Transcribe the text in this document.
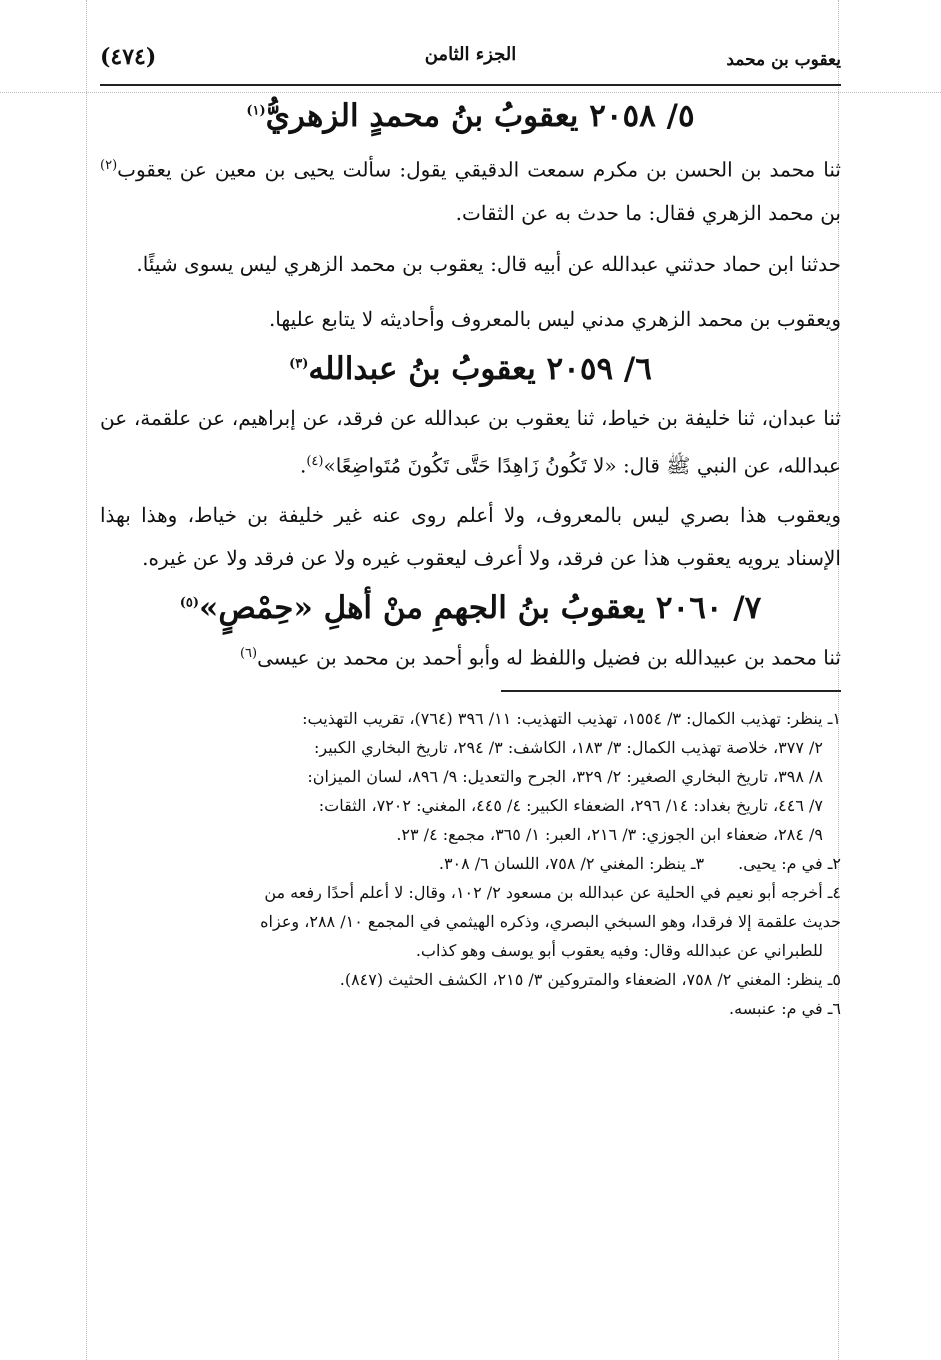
يعقوب بن محمد
الجزء الثامن
(٤٧٤)
٥/ ٢٠٥٨ يعقوبُ بنُ محمدٍ الزهريُّ$^{(١)}$

ثنا محمد بن الحسن بن مكرم سمعت الدقيقي يقول: سألت يحيى بن معين عن يعقوب$^{(٢)}$ بن محمد الزهري فقال: ما حدث به عن الثقات.

حدثنا ابن حماد حدثني عبدالله عن أبيه قال: يعقوب بن محمد الزهري ليس يسوى شيئًا.

ويعقوب بن محمد الزهري مدني ليس بالمعروف وأحاديثه لا يتابع عليها.

٦/ ٢٠٥٩ يعقوبُ بنُ عبدالله$^{(٣)}$

ثنا عبدان، ثنا خليفة بن خياط، ثنا يعقوب بن عبدالله عن فرقد، عن إبراهيم، عن علقمة، عن عبدالله، عن النبي ﷺ قال: «لا تَكُونُ زَاهِدًا حَتَّى تَكُونَ مُتَواضِعًا»$^{(٤)}$.

ويعقوب هذا بصري ليس بالمعروف، ولا أعلم روى عنه غير خليفة بن خياط، وهذا بهذا الإسناد يرويه يعقوب هذا عن فرقد، ولا أعرف ليعقوب غيره ولا عن فرقد ولا عن غيره.

٧/ ٢٠٦٠ يعقوبُ بنُ الجهمِ منْ أهلِ «حِمْصٍ»$^{(٥)}$

ثنا محمد بن عبيدالله بن فضيل واللفظ له وأبو أحمد بن محمد بن عيسى$^{(٦)}$

١ـ ينظر: تهذيب الكمال: ٣/ ١٥٥٤، تهذيب التهذيب: ١١/ ٣٩٦ (٧٦٤)، تقريب التهذيب:

٢/ ٣٧٧، خلاصة تهذيب الكمال: ٣/ ١٨٣، الكاشف: ٣/ ٢٩٤، تاريخ البخاري الكبير:

٨/ ٣٩٨، تاريخ البخاري الصغير: ٢/ ٣٢٩، الجرح والتعديل: ٩/ ٨٩٦، لسان الميزان:

٧/ ٤٤٦، تاريخ بغداد: ١٤/ ٢٩٦، الضعفاء الكبير: ٤/ ٤٤٥، المغني: ٧٢٠٢، الثقات:

٩/ ٢٨٤، ضعفاء ابن الجوزي: ٣/ ٢١٦، العبر: ١/ ٣٦٥، مجمع: ٤/ ٢٣.

٢ـ في م: يحيى.٣ـ ينظر: المغني ٢/ ٧٥٨، اللسان ٦/ ٣٠٨.

٤ـ أخرجه أبو نعيم في الحلية عن عبدالله بن مسعود ٢/ ١٠٢، وقال: لا أعلم أحدًا رفعه من

حديث علقمة إلا فرقدا، وهو السبخي البصري، وذكره الهيثمي في المجمع ١٠/ ٢٨٨، وعزاه

للطبراني عن عبدالله وقال: وفيه يعقوب أبو يوسف وهو كذاب.

٥ـ ينظر: المغني ٢/ ٧٥٨، الضعفاء والمتروكين ٣/ ٢١٥، الكشف الحثيث (٨٤٧).

٦ـ في م: عنبسه.
